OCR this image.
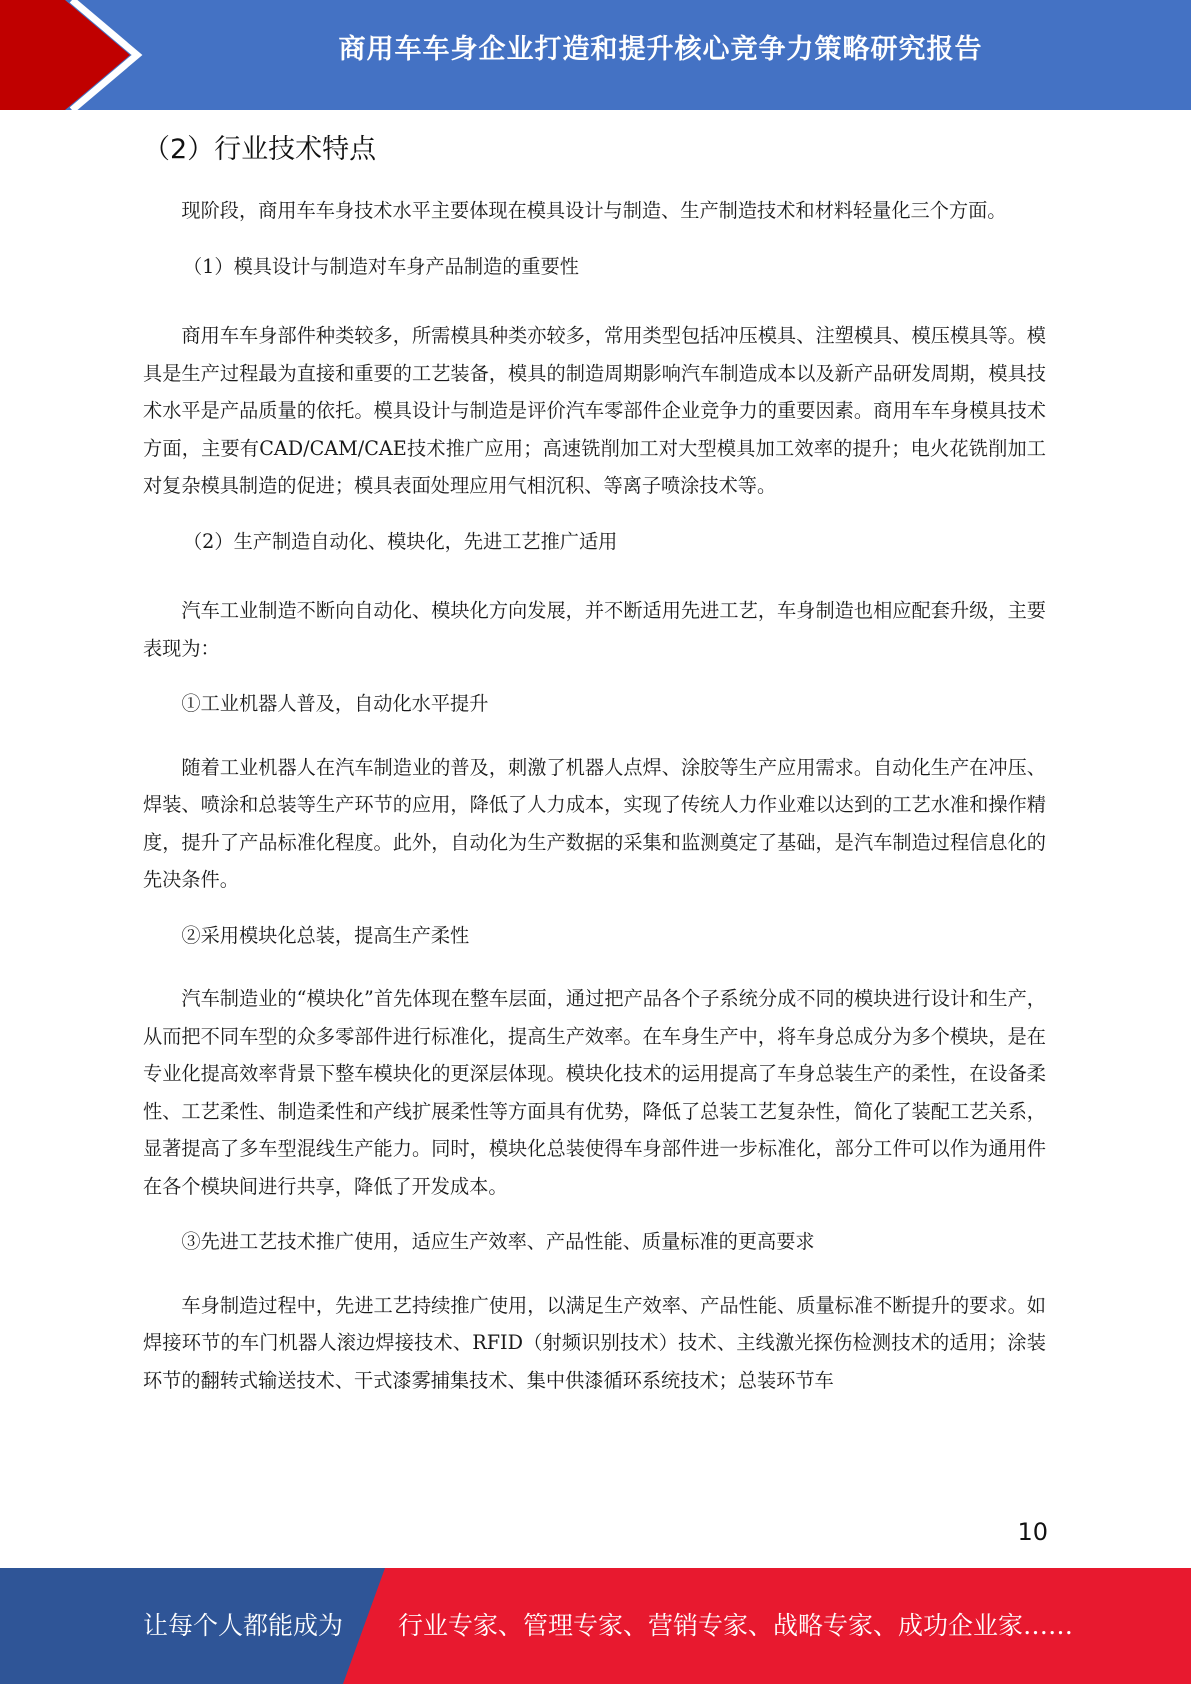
商用车车身企业打造和提升核心竞争力策略研究报告
（2）行业技术特点

现阶段，商用车车身技术水平主要体现在模具设计与制造、生产制造技术和材料轻量化三个方面。

（1）模具设计与制造对车身产品制造的重要性

商用车车身部件种类较多，所需模具种类亦较多，常用类型包括冲压模具、注塑模具、模压模具等。模具是生产过程最为直接和重要的工艺装备，模具的制造周期影响汽车制造成本以及新产品研发周期，模具技术水平是产品质量的依托。模具设计与制造是评价汽车零部件企业竞争力的重要因素。商用车车身模具技术方面，主要有CAD/CAM/CAE技术推广应用；高速铣削加工对大型模具加工效率的提升；电火花铣削加工对复杂模具制造的促进；模具表面处理应用气相沉积、等离子喷涂技术等。

（2）生产制造自动化、模块化，先进工艺推广适用

汽车工业制造不断向自动化、模块化方向发展，并不断适用先进工艺，车身制造也相应配套升级，主要表现为：

①工业机器人普及，自动化水平提升

随着工业机器人在汽车制造业的普及，刺激了机器人点焊、涂胶等生产应用需求。自动化生产在冲压、焊装、喷涂和总装等生产环节的应用，降低了人力成本，实现了传统人力作业难以达到的工艺水准和操作精度，提升了产品标准化程度。此外，自动化为生产数据的采集和监测奠定了基础，是汽车制造过程信息化的先决条件。

②采用模块化总装，提高生产柔性

汽车制造业的“模块化”首先体现在整车层面，通过把产品各个子系统分成不同的模块进行设计和生产，从而把不同车型的众多零部件进行标准化，提高生产效率。在车身生产中，将车身总成分为多个模块，是在专业化提高效率背景下整车模块化的更深层体现。模块化技术的运用提高了车身总装生产的柔性，在设备柔性、工艺柔性、制造柔性和产线扩展柔性等方面具有优势，降低了总装工艺复杂性，简化了装配工艺关系，显著提高了多车型混线生产能力。同时，模块化总装使得车身部件进一步标准化，部分工件可以作为通用件在各个模块间进行共享，降低了开发成本。

③先进工艺技术推广使用，适应生产效率、产品性能、质量标准的更高要求

车身制造过程中，先进工艺持续推广使用，以满足生产效率、产品性能、质量标准不断提升的要求。如焊接环节的车门机器人滚边焊接技术、RFID（射频识别技术）技术、主线激光探伤检测技术的适用；涂装环节的翻转式输送技术、干式漆雾捕集技术、集中供漆循环系统技术；总装环节车

10
让每个人都能成为 行业专家、管理专家、营销专家、战略专家、成功企业家……
